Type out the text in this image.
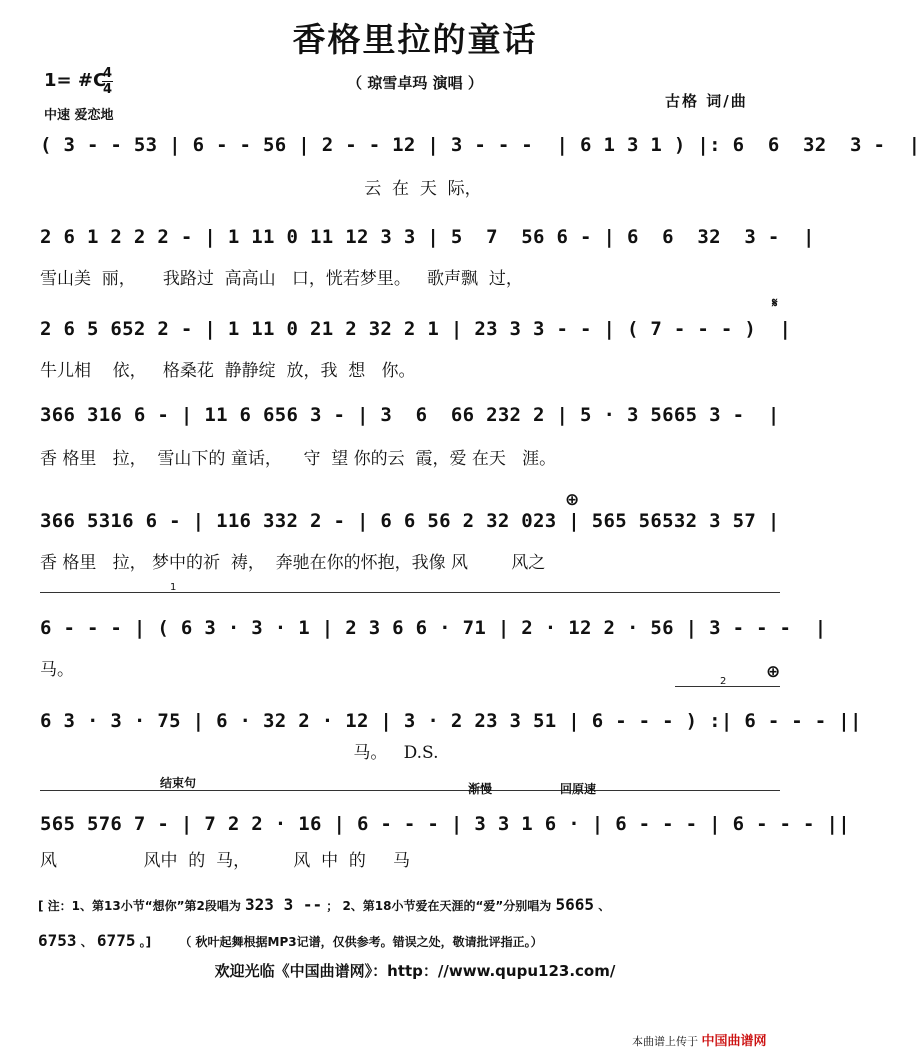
香格里拉的童话
（ 琼雪卓玛 演唱 ）
1= #C
4
4
中速 爱恋地
古格 词/曲
( 3 - - 53 | 6 - - 56 | 2 - - 12 | 3 - - -  | 6 1 3 1 ) |: 6  6  32  3 -  |
云  在  天  际，
2 6 1 2 2 2 - | 1 11 0 11 12 3 3 | 5  7  56 6 - | 6  6  32  3 -  |
雪山美  丽，     我路过  高高山   口，恍若梦里。   歌声飘  过，
𝄋
2 6 5 652 2 - | 1 11 0 21 2 32 2 1 | 23 3 3 - - | ( 7 - - - )  |
牛儿相    依，   格桑花  静静绽  放，我  想   你。
366 316 6 - | 11 6 656 3 - | 3  6  66 232 2 | 5 · 3 5665 3 -  |
香 格里   拉，  雪山下的 童话，    守  望 你的云  霞，爱 在天   涯。
⊕
366 5316 6 - | 116 332 2 - | 6 6 56 2 32 023 | 565 56532 3 57 |
香 格里   拉， 梦中的祈  祷，  奔驰在你的怀抱，我像 风        风之
1
6 - - - | ( 6 3 · 3 · 1 | 2 3 6 6 · 71 | 2 · 12 2 · 56 | 3 - - -  |
马。	⊕
2
6 3 · 3 · 75 | 6 · 32 2 · 12 | 3 · 2 23 3 51 | 6 - - - ) :| 6 - - - ||
马。   D.S.
结束句	渐慢	回原速
565 576 7 - | 7 2 2 · 16 | 6 - - - | 3 3 1 6 · | 6 - - - | 6 - - - ||
风                风中  的  马，        风  中  的     马
[ 注：1、第13小节“想你”第2段唱为 323 3 -- ； 2、第18小节爱在天涯的“爱”分别唱为 5665 、
6753 、 6775 。] （ 秋叶起舞根据MP3记谱，仅供参考。错误之处，敬请批评指正。）
欢迎光临《中国曲谱网》：http：//www.qupu123.com/
本曲谱上传于 中国曲谱网
